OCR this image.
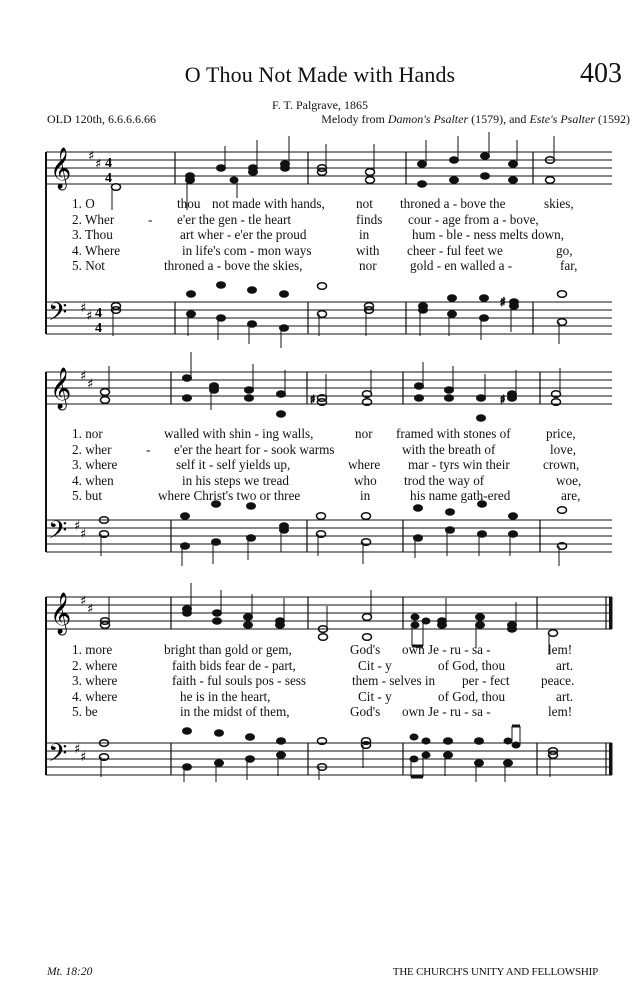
O Thou Not Made with Hands	403
F. T. Palgrave, 1865
OLD 120th, 6.6.6.6.66	Melody from Damon's Psalter (1579), and Este's Psalter (1592)
𝄞 ♯
♯ 4
4
𝄢 ♯
♯ 4
4
♯
𝄞 ♯
♯
𝄢 ♯
♯
♯	♯
𝄞 ♯
♯
𝄢 ♯
♯
1. O	thou not made with hands, not throned a - bove the	skies,
2. Wher	- e'er the gen - tle heart	finds cour - age from a - bove,
3. Thou	art wher - e'er the proud	in	hum - ble - ness melts down,
4. Where	in life's com - mon ways	with cheer - ful feet we	go,
5. Not	throned a - bove the skies,	nor	gold - en walled a -	far,
1. nor	walled with shin - ing walls,	nor framed with stones of	price,
2. wher	- e'er the heart for - sook warms	with the breath of	love,
3. where	self it - self yields up,	where mar - tyrs win their	crown,
4. when	in his steps we tread	who trod the way of	woe,
5. but	where Christ's two or three	in	his name gath-ered	are,
1. more	bright than gold or gem,	God's own Je - ru - sa -	lem!
2. where	faith bids fear de - part,	Cit - y	of God, thou	art.
3. where	faith - ful souls pos - sess	them - selves in per - fect peace.
4. where	he is in the heart,	Cit - y	of God, thou	art.
5. be	in the midst of them,	God's own Je - ru - sa -	lem!
Mt. 18:20	THE CHURCH'S UNITY AND FELLOWSHIP
